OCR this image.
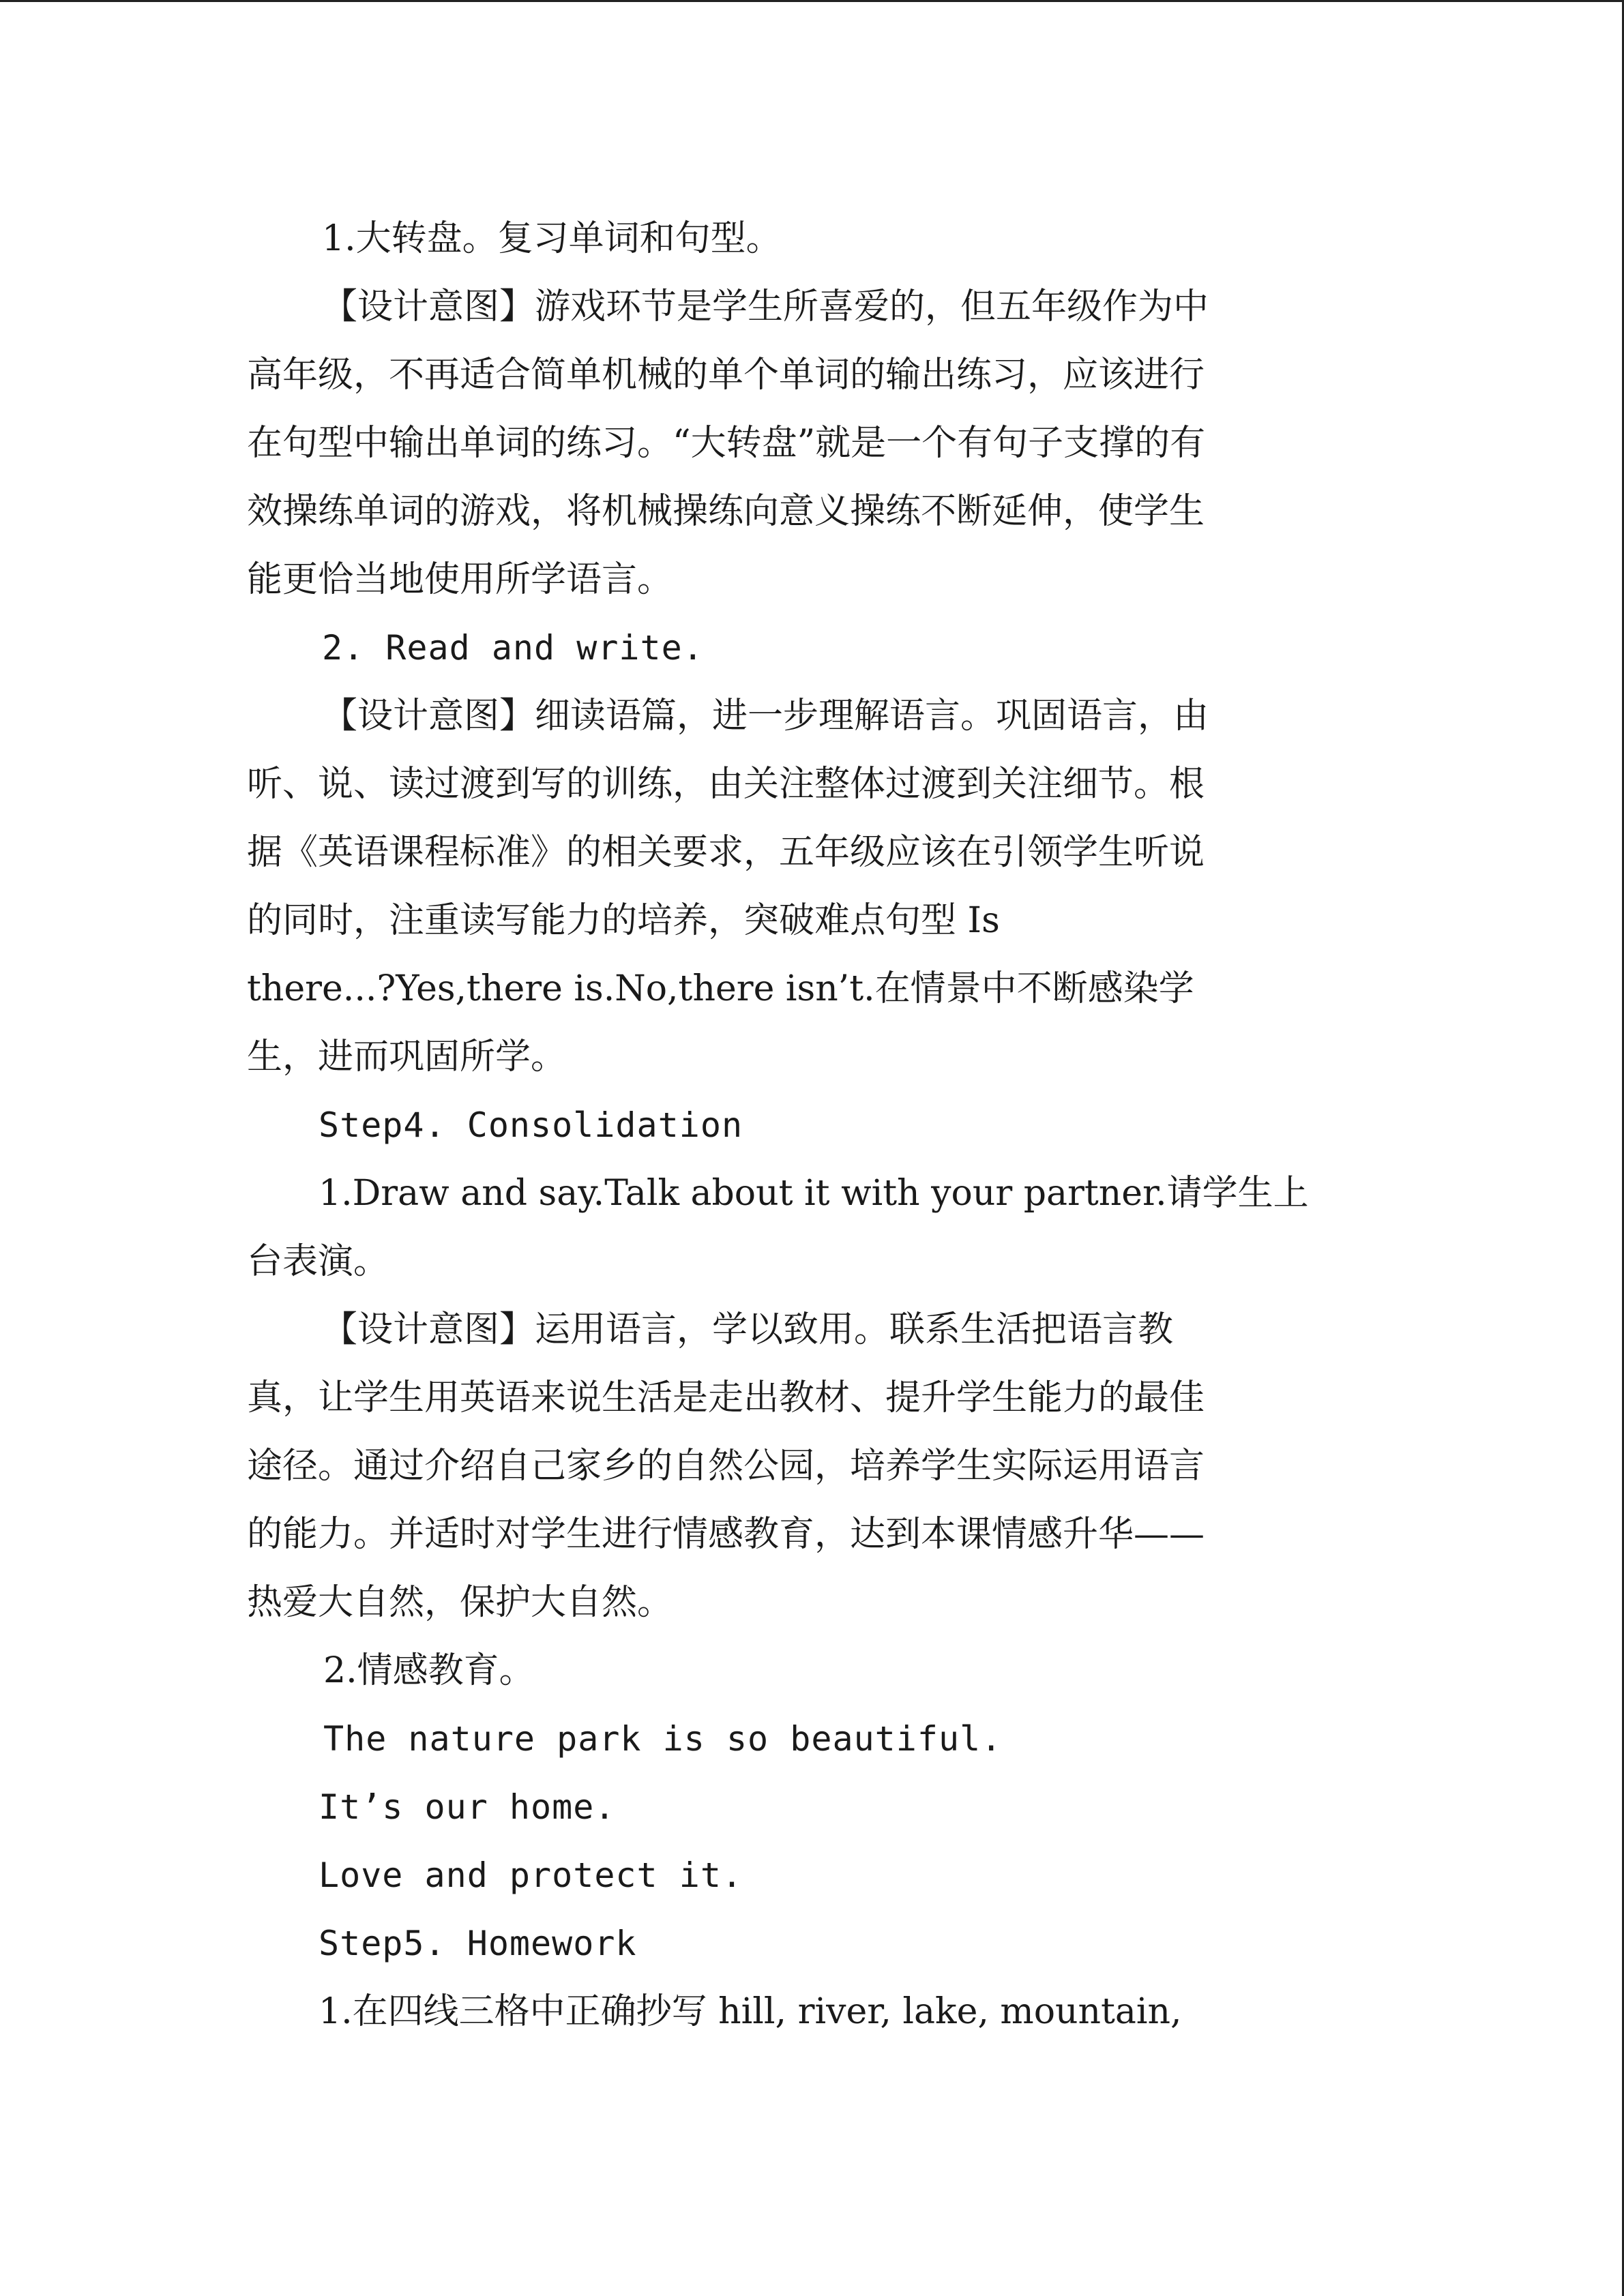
1.大转盘。复习单词和句型。
【设计意图】游戏环节是学生所喜爱的，但五年级作为中
高年级，不再适合简单机械的单个单词的输出练习，应该进行
在句型中输出单词的练习。“大转盘”就是一个有句子支撑的有
效操练单词的游戏，将机械操练向意义操练不断延伸，使学生
能更恰当地使用所学语言。
2. Read and write.
【设计意图】细读语篇，进一步理解语言。巩固语言，由
听、说、读过渡到写的训练，由关注整体过渡到关注细节。根
据《英语课程标准》的相关要求，五年级应该在引领学生听说
的同时，注重读写能力的培养，突破难点句型 Is
there...?Yes,there is.No,there isn’t.在情景中不断感染学
生，进而巩固所学。
Step4. Consolidation
1.Draw and say.Talk about it with your partner.请学生上
台表演。
【设计意图】运用语言，学以致用。联系生活把语言教
真，让学生用英语来说生活是走出教材、提升学生能力的最佳
途径。通过介绍自己家乡的自然公园，培养学生实际运用语言
的能力。并适时对学生进行情感教育，达到本课情感升华——
热爱大自然，保护大自然。
2.情感教育。
The nature park is so beautiful.
It’s our home.
Love and protect it.
Step5. Homework
1.在四线三格中正确抄写 hill, river, lake, mountain,
